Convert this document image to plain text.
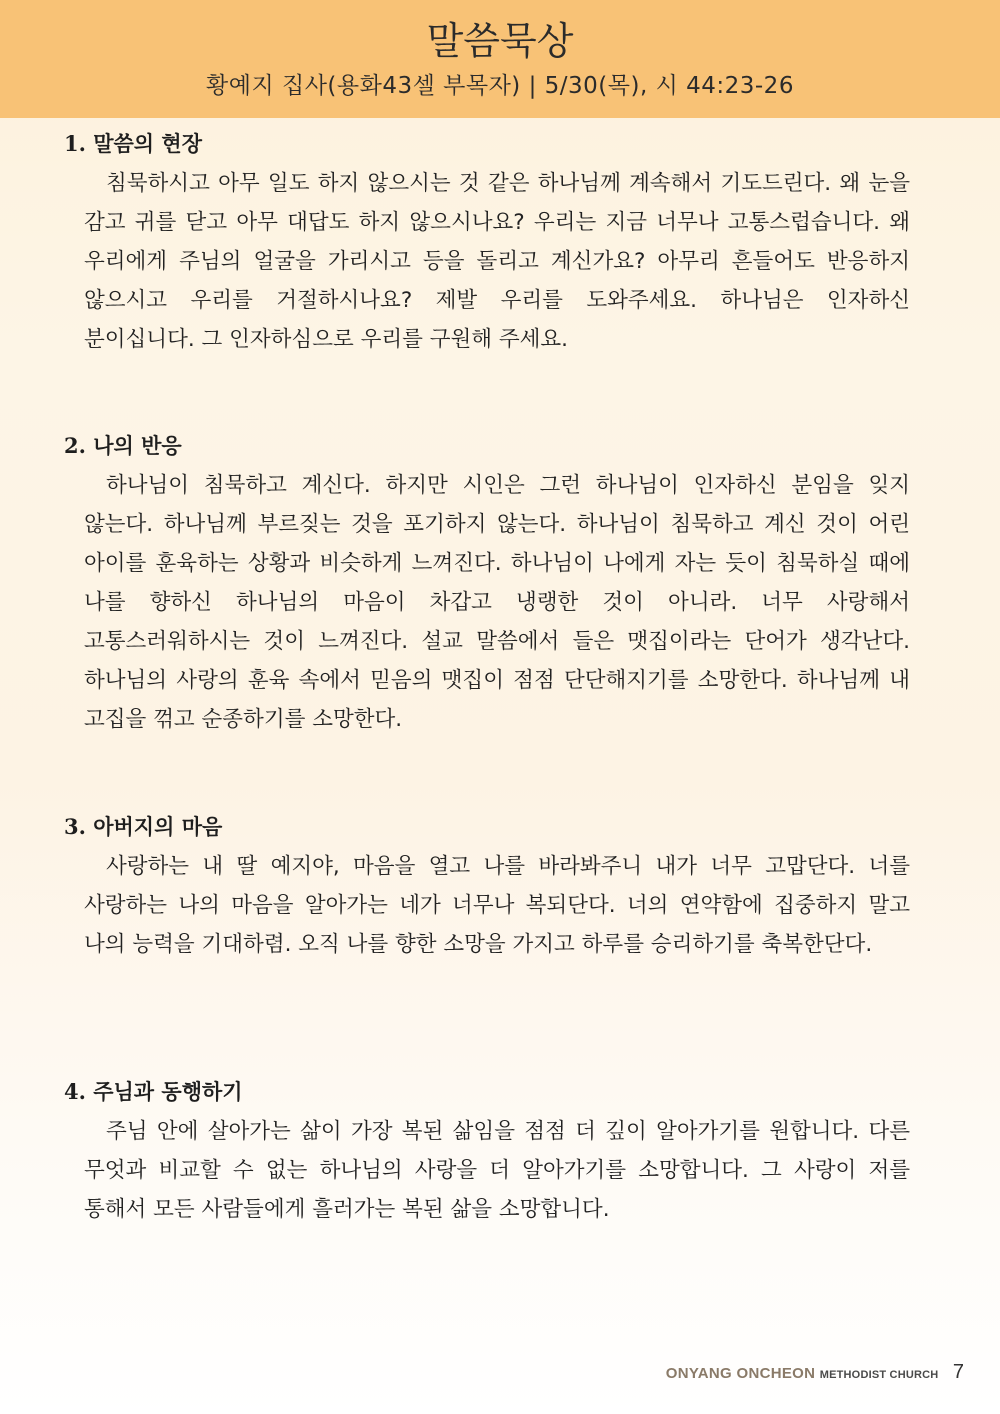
말씀묵상
황예지 집사(용화43셀 부목자) | 5/30(목), 시 44:23-26
1. 말씀의 현장

침묵하시고 아무 일도 하지 않으시는 것 같은 하나님께 계속해서 기도드린다. 왜 눈을 감고 귀를 닫고 아무 대답도 하지 않으시나요? 우리는 지금 너무나 고통스럽습니다. 왜 우리에게 주님의 얼굴을 가리시고 등을 돌리고 계신가요? 아무리 흔들어도 반응하지 않으시고 우리를 거절하시나요? 제발 우리를 도와주세요. 하나님은 인자하신 분이십니다. 그 인자하심으로 우리를 구원해 주세요.

2. 나의 반응

하나님이 침묵하고 계신다. 하지만 시인은 그런 하나님이 인자하신 분임을 잊지 않는다. 하나님께 부르짖는 것을 포기하지 않는다. 하나님이 침묵하고 계신 것이 어린 아이를 훈육하는 상황과 비슷하게 느껴진다. 하나님이 나에게 자는 듯이 침묵하실 때에 나를 향하신 하나님의 마음이 차갑고 냉랭한 것이 아니라. 너무 사랑해서 고통스러워하시는 것이 느껴진다. 설교 말씀에서 들은 맷집이라는 단어가 생각난다. 하나님의 사랑의 훈육 속에서 믿음의 맷집이 점점 단단해지기를 소망한다. 하나님께 내 고집을 꺾고 순종하기를 소망한다.

3. 아버지의 마음

사랑하는 내 딸 예지야, 마음을 열고 나를 바라봐주니 내가 너무 고맙단다. 너를 사랑하는 나의 마음을 알아가는 네가 너무나 복되단다. 너의 연약함에 집중하지 말고 나의 능력을 기대하렴. 오직 나를 향한 소망을 가지고 하루를 승리하기를 축복한단다.

4. 주님과 동행하기

주님 안에 살아가는 삶이 가장 복된 삶임을 점점 더 깊이 알아가기를 원합니다. 다른 무엇과 비교할 수 없는 하나님의 사랑을 더 알아가기를 소망합니다. 그 사랑이 저를 통해서 모든 사람들에게 흘러가는 복된 삶을 소망합니다.

ONYANG ONCHEON METHODIST CHURCH 7
